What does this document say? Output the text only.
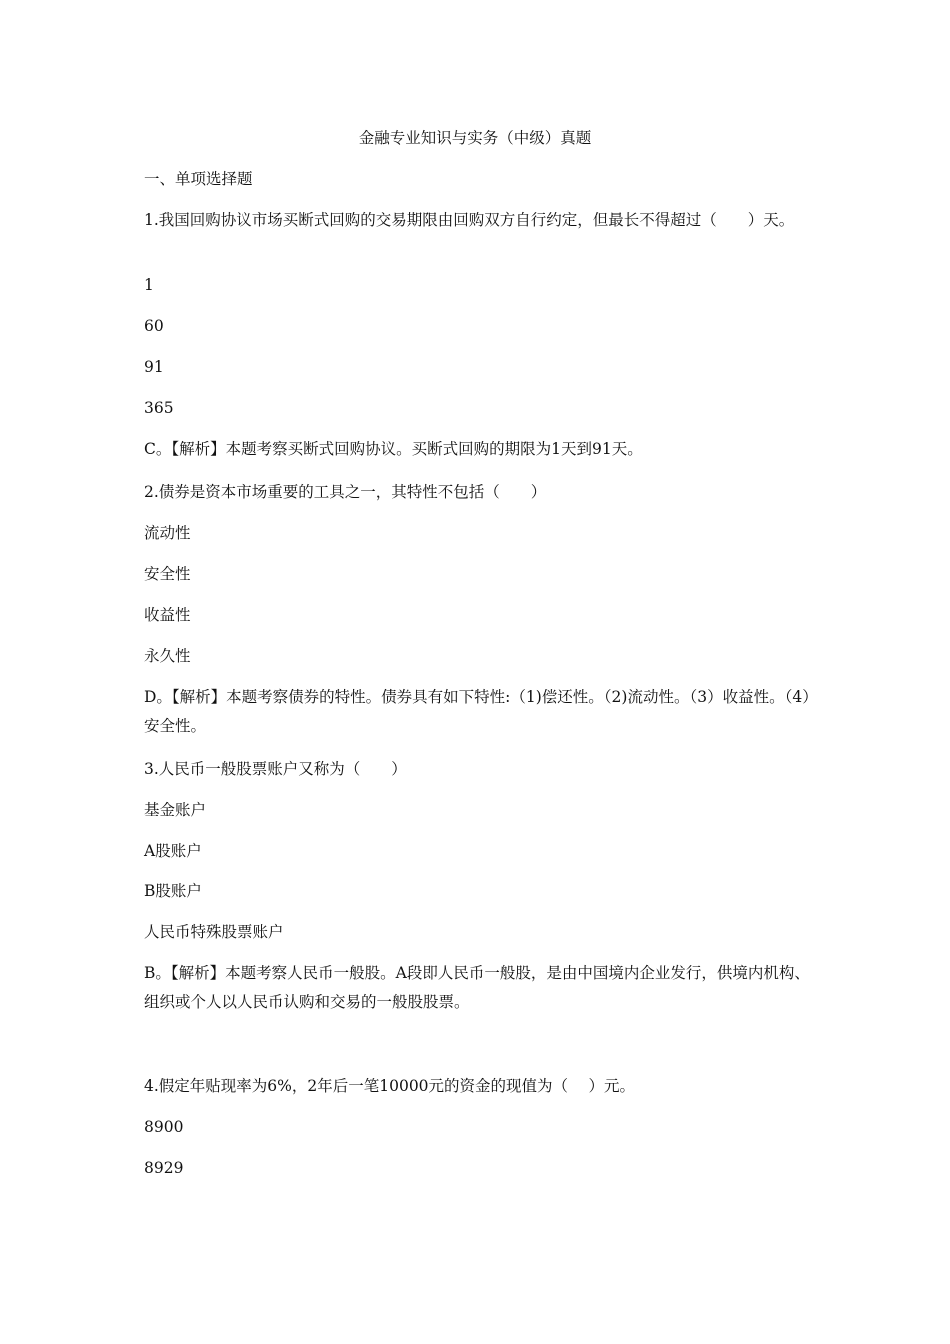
金融专业知识与实务（中级）真题
一、单项选择题
1.我国回购协议市场买断式回购的交易期限由回购双方自行约定，但最长不得超过（　　）天。
1
60
91
365
C。【解析】本题考察买断式回购协议。买断式回购的期限为1天到91天。
2.债券是资本市场重要的工具之一，其特性不包括（　　）
流动性
安全性
收益性
永久性
D。【解析】本题考察债券的特性。债券具有如下特性:（1)偿还性。（2)流动性。（3）收益性。（4）安全性。
3.人民币一般股票账户又称为（　　）
基金账户
A股账户
B股账户
人民币特殊股票账户
B。【解析】本题考察人民币一般股。A段即人民币一般股，是由中国境内企业发行，供境内机构、组织或个人以人民币认购和交易的一般股股票。
4.假定年贴现率为6%，2年后一笔10000元的资金的现值为（　 ）元。
8900
8929
